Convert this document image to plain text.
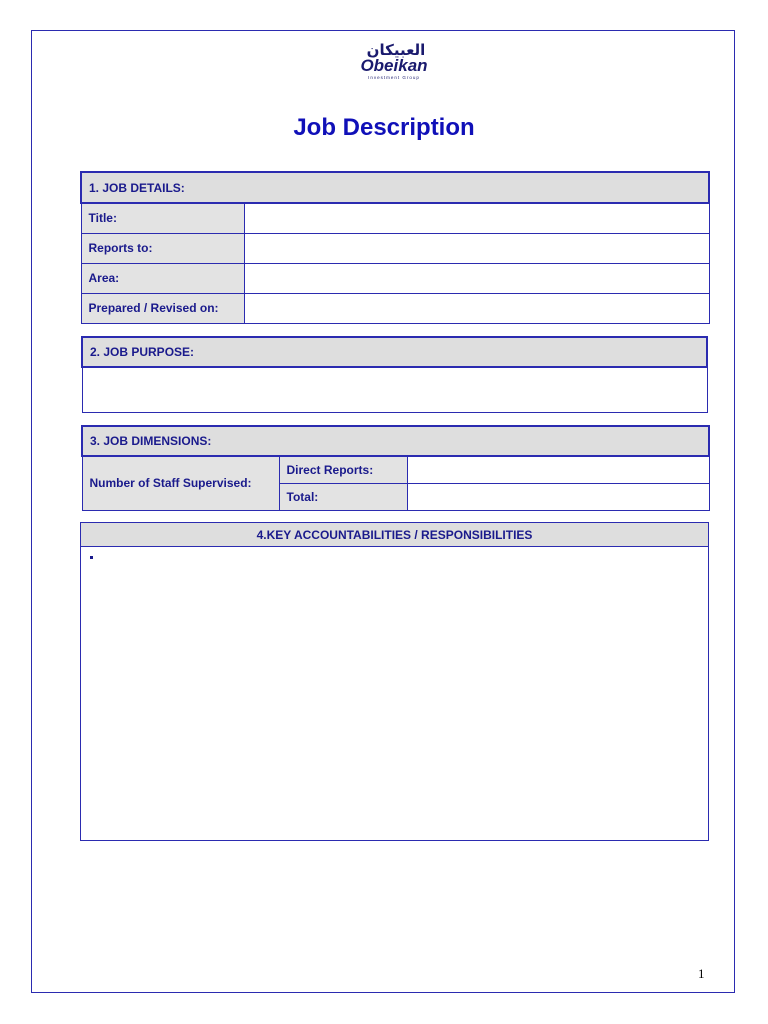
العبيكان
Obeikan
Investment Group
Job Description
1. JOB DETAILS:	
Title:	
Reports to:	
Area:	
Prepared / Revised on:	
2. JOB PURPOSE:

3. JOB DIMENSIONS:		
Number of Staff Supervised:	Direct Reports:	
	Total:	
4.KEY ACCOUNTABILITIES / RESPONSIBILITIES

1
